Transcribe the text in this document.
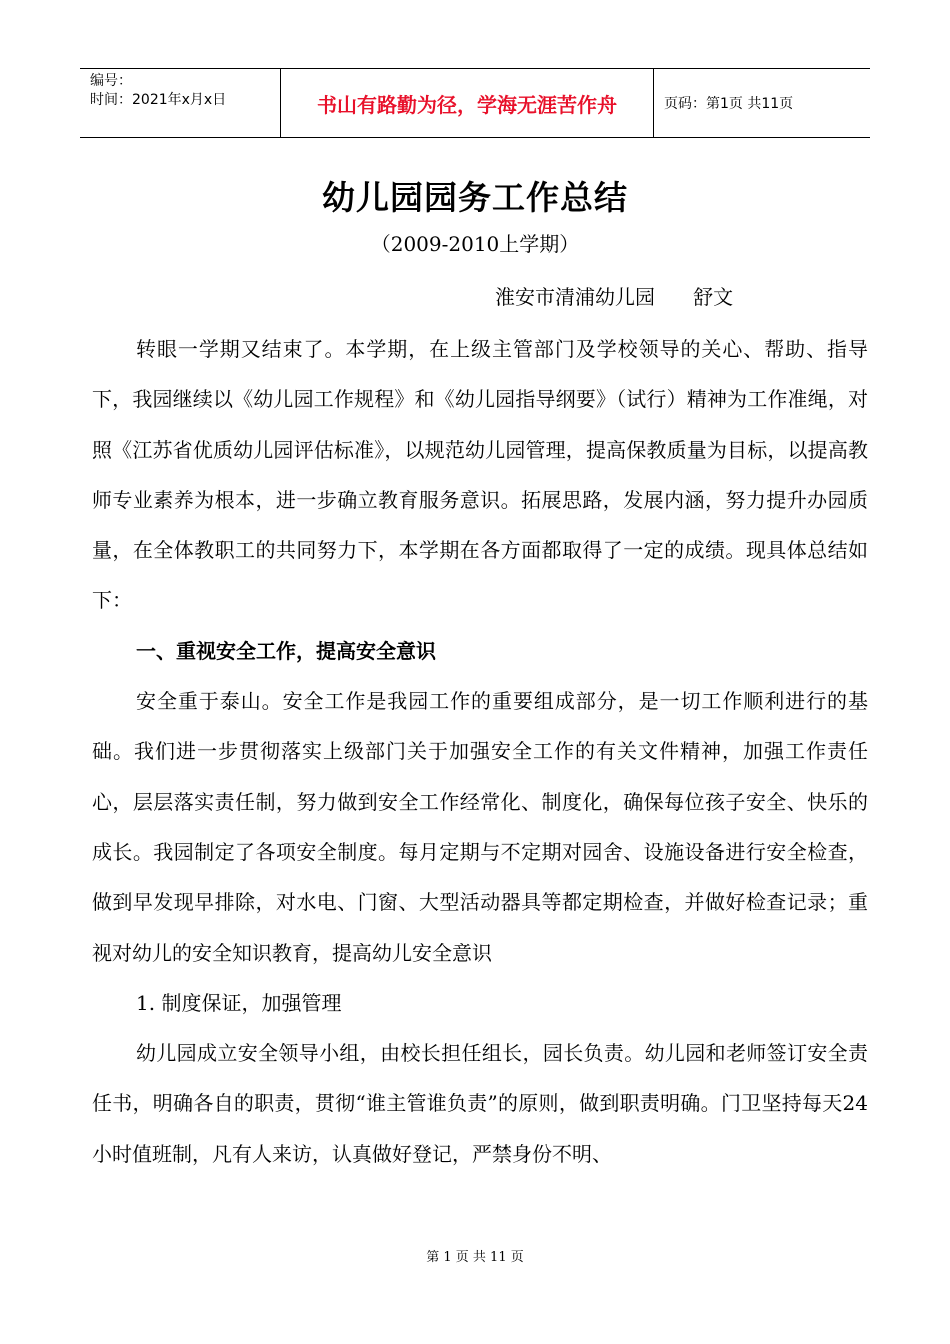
编号：
时间：2021年x月x日	书山有路勤为径，学海无涯苦作舟	页码：第1页 共11页
幼儿园园务工作总结
（2009-2010上学期）
淮安市清浦幼儿园      舒文

转眼一学期又结束了。本学期，在上级主管部门及学校领导的关心、帮助、指导下，我园继续以《幼儿园工作规程》和《幼儿园指导纲要》（试行）精神为工作准绳，对照《江苏省优质幼儿园评估标准》，以规范幼儿园管理，提高保教质量为目标，以提高教师专业素养为根本，进一步确立教育服务意识。拓展思路，发展内涵，努力提升办园质量，在全体教职工的共同努力下，本学期在各方面都取得了一定的成绩。现具体总结如下：

一、重视安全工作，提高安全意识

安全重于泰山。安全工作是我园工作的重要组成部分，是一切工作顺利进行的基础。我们进一步贯彻落实上级部门关于加强安全工作的有关文件精神，加强工作责任心，层层落实责任制，努力做到安全工作经常化、制度化，确保每位孩子安全、快乐的成长。我园制定了各项安全制度。每月定期与不定期对园舍、设施设备进行安全检查，做到早发现早排除，对水电、门窗、大型活动器具等都定期检查，并做好检查记录；重视对幼儿的安全知识教育，提高幼儿安全意识

1. 制度保证，加强管理

幼儿园成立安全领导小组，由校长担任组长，园长负责。幼儿园和老师签订安全责任书，明确各自的职责，贯彻“谁主管谁负责”的原则，做到职责明确。门卫坚持每天24小时值班制，凡有人来访，认真做好登记，严禁身份不明、

第 1 页 共 11 页
